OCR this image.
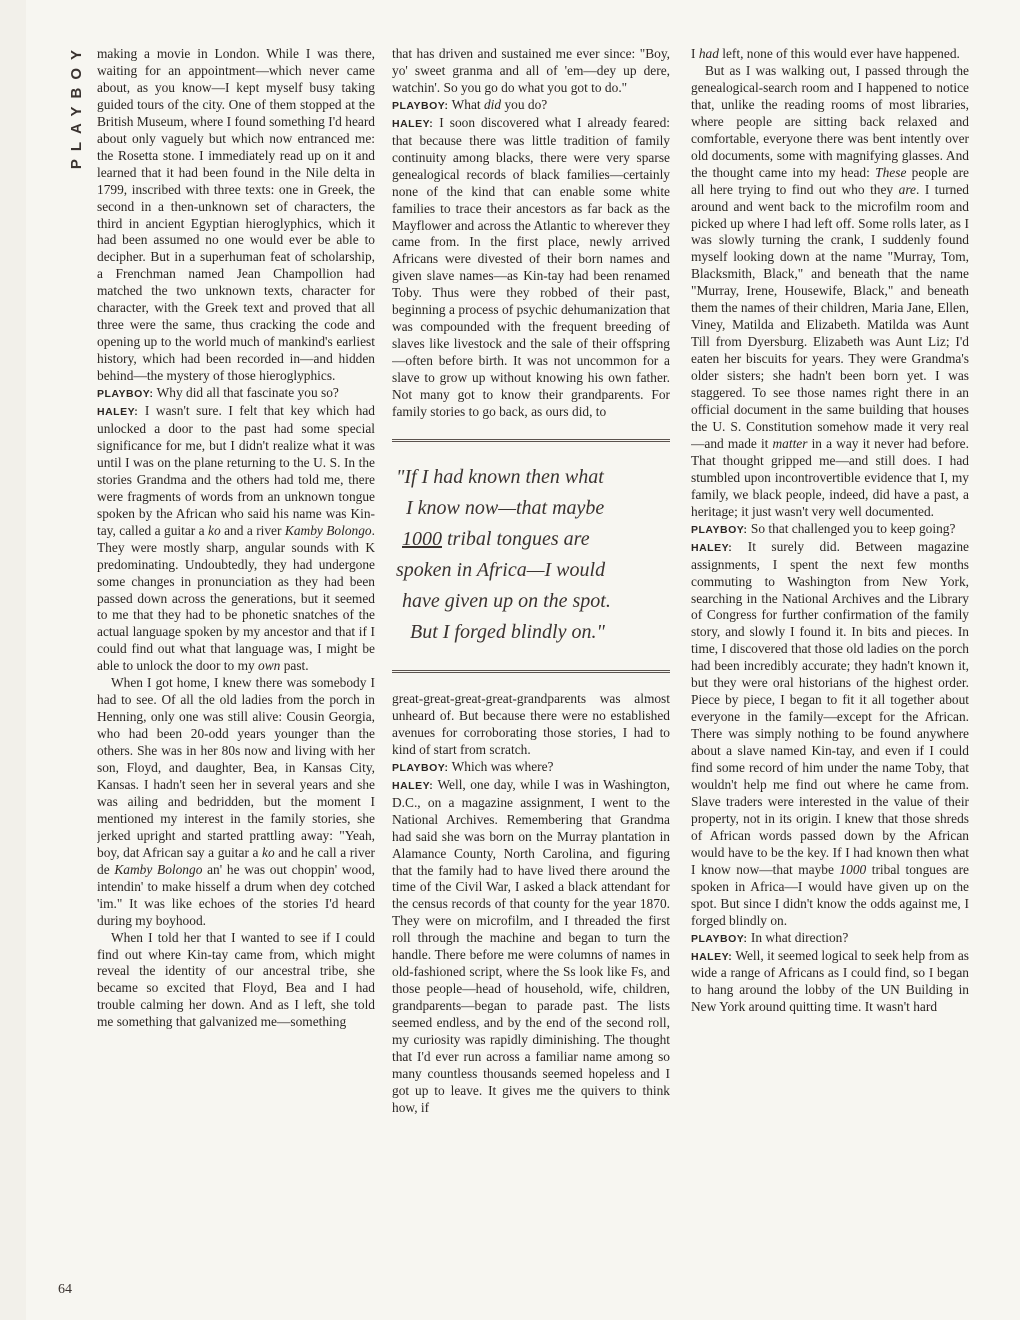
PLAYBOY making a movie in London. While I was there, waiting for an appointment—which never came about, as you know—I kept myself busy taking guided tours of the city. One of them stopped at the British Museum, where I found something I'd heard about only vaguely but which now entranced me: the Rosetta stone. I immediately read up on it and learned that it had been found in the Nile delta in 1799, inscribed with three texts: one in Greek, the second in a then-unknown set of characters, the third in ancient Egyptian hieroglyphics, which it had been assumed no one would ever be able to decipher. But in a superhuman feat of scholarship, a Frenchman named Jean Champollion had matched the two unknown texts, character for character, with the Greek text and proved that all three were the same, thus cracking the code and opening up to the world much of mankind's earliest history, which had been recorded in—and hidden behind—the mystery of those hieroglyphics.

PLAYBOY: Why did all that fascinate you so?

HALEY: I wasn't sure. I felt that key which had unlocked a door to the past had some special significance for me, but I didn't realize what it was until I was on the plane returning to the U. S. In the stories Grandma and the others had told me, there were fragments of words from an unknown tongue spoken by the African who said his name was Kin-tay, called a guitar a ko and a river Kamby Bolongo. They were mostly sharp, angular sounds with K predominating. Undoubtedly, they had undergone some changes in pronunciation as they had been passed down across the generations, but it seemed to me that they had to be phonetic snatches of the actual language spoken by my ancestor and that if I could find out what that language was, I might be able to unlock the door to my own past.

When I got home, I knew there was somebody I had to see. Of all the old ladies from the porch in Henning, only one was still alive: Cousin Georgia, who had been 20-odd years younger than the others. She was in her 80s now and living with her son, Floyd, and daughter, Bea, in Kansas City, Kansas. I hadn't seen her in several years and she was ailing and bedridden, but the moment I mentioned my interest in the family stories, she jerked upright and started prattling away: "Yeah, boy, dat African say a guitar a ko and he call a river de Kamby Bolongo an' he was out choppin' wood, intendin' to make hisself a drum when dey cotched 'im." It was like echoes of the stories I'd heard during my boyhood.

When I told her that I wanted to see if I could find out where Kin-tay came from, which might reveal the identity of our ancestral tribe, she became so excited that Floyd, Bea and I had trouble calming her down. And as I left, she told me something that galvanized me—something

that has driven and sustained me ever since: "Boy, yo' sweet granma and all of 'em—dey up dere, watchin'. So you go do what you got to do."

PLAYBOY: What did you do?

HALEY: I soon discovered what I already feared: that because there was little tradition of family continuity among blacks, there were very sparse genealogical records of black families—certainly none of the kind that can enable some white families to trace their ancestors as far back as the Mayflower and across the Atlantic to wherever they came from. In the first place, newly arrived Africans were divested of their born names and given slave names—as Kin-tay had been renamed Toby. Thus were they robbed of their past, beginning a process of psychic dehumanization that was compounded with the frequent breeding of slaves like livestock and the sale of their offspring—often before birth. It was not uncommon for a slave to grow up without knowing his own father. Not many got to know their grandparents. For family stories to go back, as ours did, to

"If I had known then what
I know now—that maybe
1000 tribal tongues are
spoken in Africa—I would
have given up on the spot.
But I forged blindly on."

great-great-great-great-grandparents was almost unheard of. But because there were no established avenues for corroborating those stories, I had to kind of start from scratch.

PLAYBOY: Which was where?

HALEY: Well, one day, while I was in Washington, D.C., on a magazine assignment, I went to the National Archives. Remembering that Grandma had said she was born on the Murray plantation in Alamance County, North Carolina, and figuring that the family had to have lived there around the time of the Civil War, I asked a black attendant for the census records of that county for the year 1870. They were on microfilm, and I threaded the first roll through the machine and began to turn the handle. There before me were columns of names in old-fashioned script, where the Ss look like Fs, and those people—head of household, wife, children, grandparents—began to parade past. The lists seemed endless, and by the end of the second roll, my curiosity was rapidly diminishing. The thought that I'd ever run across a familiar name among so many countless thousands seemed hopeless and I got up to leave. It gives me the quivers to think how, if

I had left, none of this would ever have happened.

But as I was walking out, I passed through the genealogical-search room and I happened to notice that, unlike the reading rooms of most libraries, where people are sitting back relaxed and comfortable, everyone there was bent intently over old documents, some with magnifying glasses. And the thought came into my head: These people are all here trying to find out who they are. I turned around and went back to the microfilm room and picked up where I had left off. Some rolls later, as I was slowly turning the crank, I suddenly found myself looking down at the name "Murray, Tom, Blacksmith, Black," and beneath that the name "Murray, Irene, Housewife, Black," and beneath them the names of their children, Maria Jane, Ellen, Viney, Matilda and Elizabeth. Matilda was Aunt Till from Dyersburg. Elizabeth was Aunt Liz; I'd eaten her biscuits for years. They were Grandma's older sisters; she hadn't been born yet. I was staggered. To see those names right there in an official document in the same building that houses the U. S. Constitution somehow made it very real—and made it matter in a way it never had before. That thought gripped me—and still does. I had stumbled upon incontrovertible evidence that I, my family, we black people, indeed, did have a past, a heritage; it just wasn't very well documented.

PLAYBOY: So that challenged you to keep going?

HALEY: It surely did. Between magazine assignments, I spent the next few months commuting to Washington from New York, searching in the National Archives and the Library of Congress for further confirmation of the family story, and slowly I found it. In bits and pieces. In time, I discovered that those old ladies on the porch had been incredibly accurate; they hadn't known it, but they were oral historians of the highest order. Piece by piece, I began to fit it all together about everyone in the family—except for the African. There was simply nothing to be found anywhere about a slave named Kin-tay, and even if I could find some record of him under the name Toby, that wouldn't help me find out where he came from. Slave traders were interested in the value of their property, not in its origin. I knew that those shreds of African words passed down by the African would have to be the key. If I had known then what I know now—that maybe 1000 tribal tongues are spoken in Africa—I would have given up on the spot. But since I didn't know the odds against me, I forged blindly on.

PLAYBOY: In what direction?

HALEY: Well, it seemed logical to seek help from as wide a range of Africans as I could find, so I began to hang around the lobby of the UN Building in New York around quitting time. It wasn't hard

64
